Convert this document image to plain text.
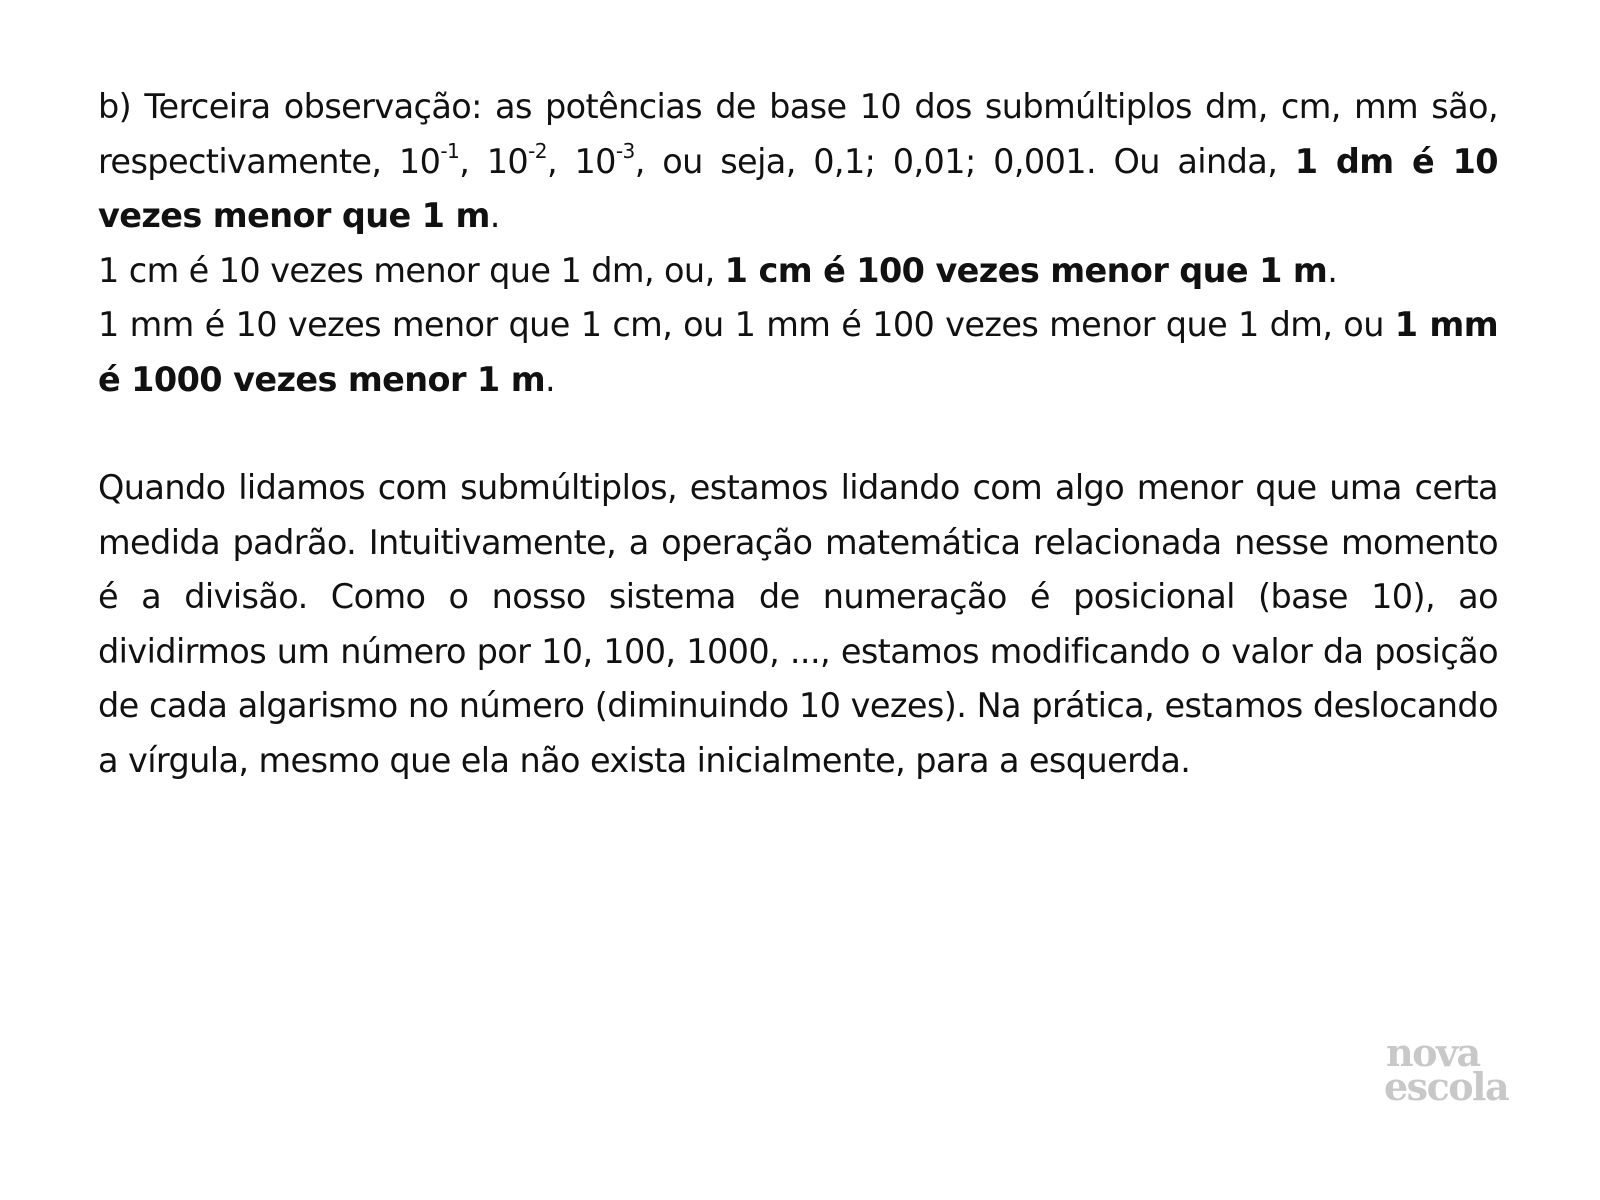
b) Terceira observação: as potências de base 10 dos submúltiplos dm, cm, mm são, respectivamente, $10^{-1}$, $10^{-2}$, $10^{-3}$, ou seja, 0,1; 0,01; 0,001. Ou ainda, 1 dm é 10 vezes menor que 1 m.

1 cm é 10 vezes menor que 1 dm, ou, 1 cm é 100 vezes menor que 1 m.

1 mm é 10 vezes menor que 1 cm, ou 1 mm é 100 vezes menor que 1 dm, ou 1 mm é 1000 vezes menor 1 m.

Quando lidamos com submúltiplos, estamos lidando com algo menor que uma certa medida padrão. Intuitivamente, a operação matemática relacionada nesse momento é a divisão. Como o nosso sistema de numeração é posicional (base 10), ao dividirmos um número por 10, 100, 1000, ..., estamos modificando o valor da posição de cada algarismo no número (diminuindo 10 vezes). Na prática, estamos deslocando a vírgula, mesmo que ela não exista inicialmente, para a esquerda.

nova
escola
